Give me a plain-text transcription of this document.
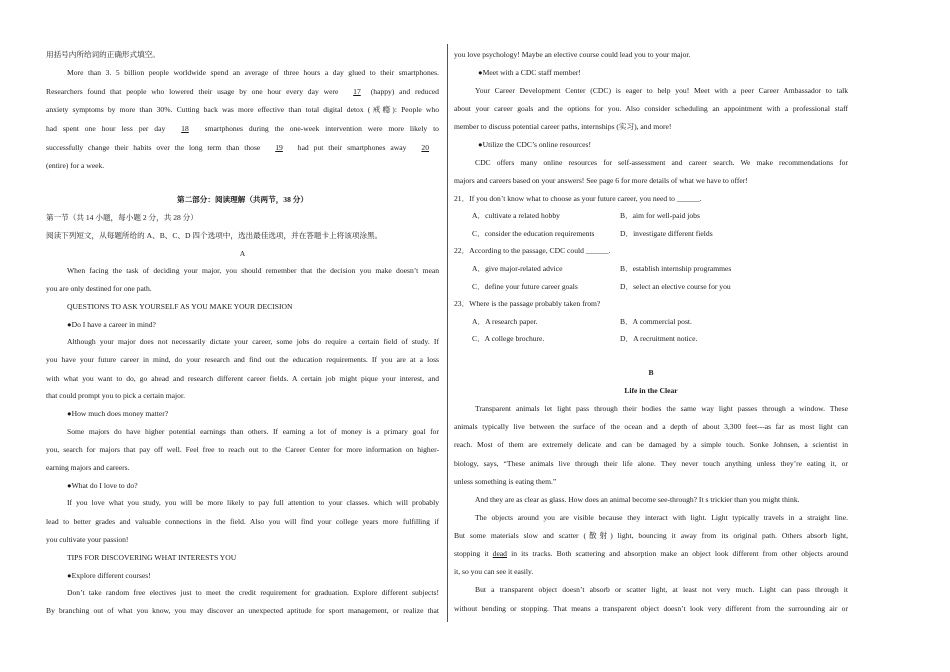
用括号内所给词的正确形式填空。
More than 3. 5 billion people worldwide spend an average of three hours a day glued to their smartphones.
Researchers found that people who lowered their usage by one hour every day were 17 (happy) and reduced
anxiety symptoms by more than 30%. Cutting back was more effective than total digital detox (戒瘾): People who
had spent one hour less per day 18 smartphones during the one-week intervention were more likely to
successfully change their habits over the long term than those 19 had put their smartphones away 20
(entire) for a week.
第二部分：阅读理解（共两节，38 分）
第一节（共 14 小题，每小题 2 分，共 28 分）
阅读下列短文，从每题所给的 A、B、C、D 四个选项中，选出最佳选项，并在答题卡上将该项涂黑。
A
When facing the task of deciding your major, you should remember that the decision you make doesn’t mean
you are only destined for one path.
QUESTIONS TO ASK YOURSELF AS YOU MAKE YOUR DECISION
●Do I have a career in mind?
Although your major does not necessarily dictate your career, some jobs do require a certain field of study. If
you have your future career in mind, do your research and find out the education requirements. If you are at a loss
with what you want to do, go ahead and research different career fields. A certain job might pique your interest, and
that could prompt you to pick a certain major.
●How much does money matter?
Some majors do have higher potential earnings than others. If earning a lot of money is a primary goal for
you, search for majors that pay off well. Feel free to reach out to the Career Center for more information on higher-
earning majors and careers.
●What do I love to do?
If you love what you study, you will be more likely to pay full attention to your classes. which will probably
lead to better grades and valuable connections in the field. Also you will find your college years more fulfilling if
you cultivate your passion!
TIPS FOR DISCOVERING WHAT INTERESTS YOU
●Explore different courses!
Don’t take random free electives just to meet the credit requirement for graduation. Explore different subjects!
By branching out of what you know, you may discover an unexpected aptitude for sport management, or realize that
you love psychology! Maybe an elective course could lead you to your major.
●Meet with a CDC staff member!
Your Career Development Center (CDC) is eager to help you! Meet with a peer Career Ambassador to talk
about your career goals and the options for you. Also consider scheduling an appointment with a professional staff
member to discuss potential career paths, internships (实习), and more!
●Utilize the CDC’s online resources!
CDC offers many online resources for self-assessment and career search. We make recommendations for
majors and careers based on your answers! See page 6 for more details of what we have to offer!
21．If you don’t know what to choose as your future career, you need to ______.
A．cultivate a related hobby	B．aim for well-paid jobs
C．consider the education requirements	D．investigate different fields
22．According to the passage, CDC could ______.
A．give major-related advice	B．establish internship programmes
C．define your future career goals	D．select an elective course for you
23．Where is the passage probably taken from?
A．A research paper.	B．A commercial post.
C．A college brochure.	D．A recruitment notice.
B
Life in the Clear
Transparent animals let light pass through their bodies the same way light passes through a window. These
animals typically live between the surface of the ocean and a depth of about 3,300 feet---as far as most light can
reach. Most of them are extremely delicate and can be damaged by a simple touch. Sonke Johnsen, a scientist in
biology, says, “These animals live through their life alone. They never touch anything unless they’re eating it, or
unless something is eating them.”
And they are as clear as glass. How does an animal become see-through? It s trickier than you might think.
The objects around you are visible because they interact with light. Light typically travels in a straight line.
But some materials slow and scatter (散射) light, bouncing it away from its original path. Others absorb light,
stopping it dead in its tracks. Both scattering and absorption make an object look different from other objects around
it, so you can see it easily.
But a transparent object doesn’t absorb or scatter light, at least not very much. Light can pass through it
without bending or stopping. That means a transparent object doesn’t look very different from the surrounding air or
